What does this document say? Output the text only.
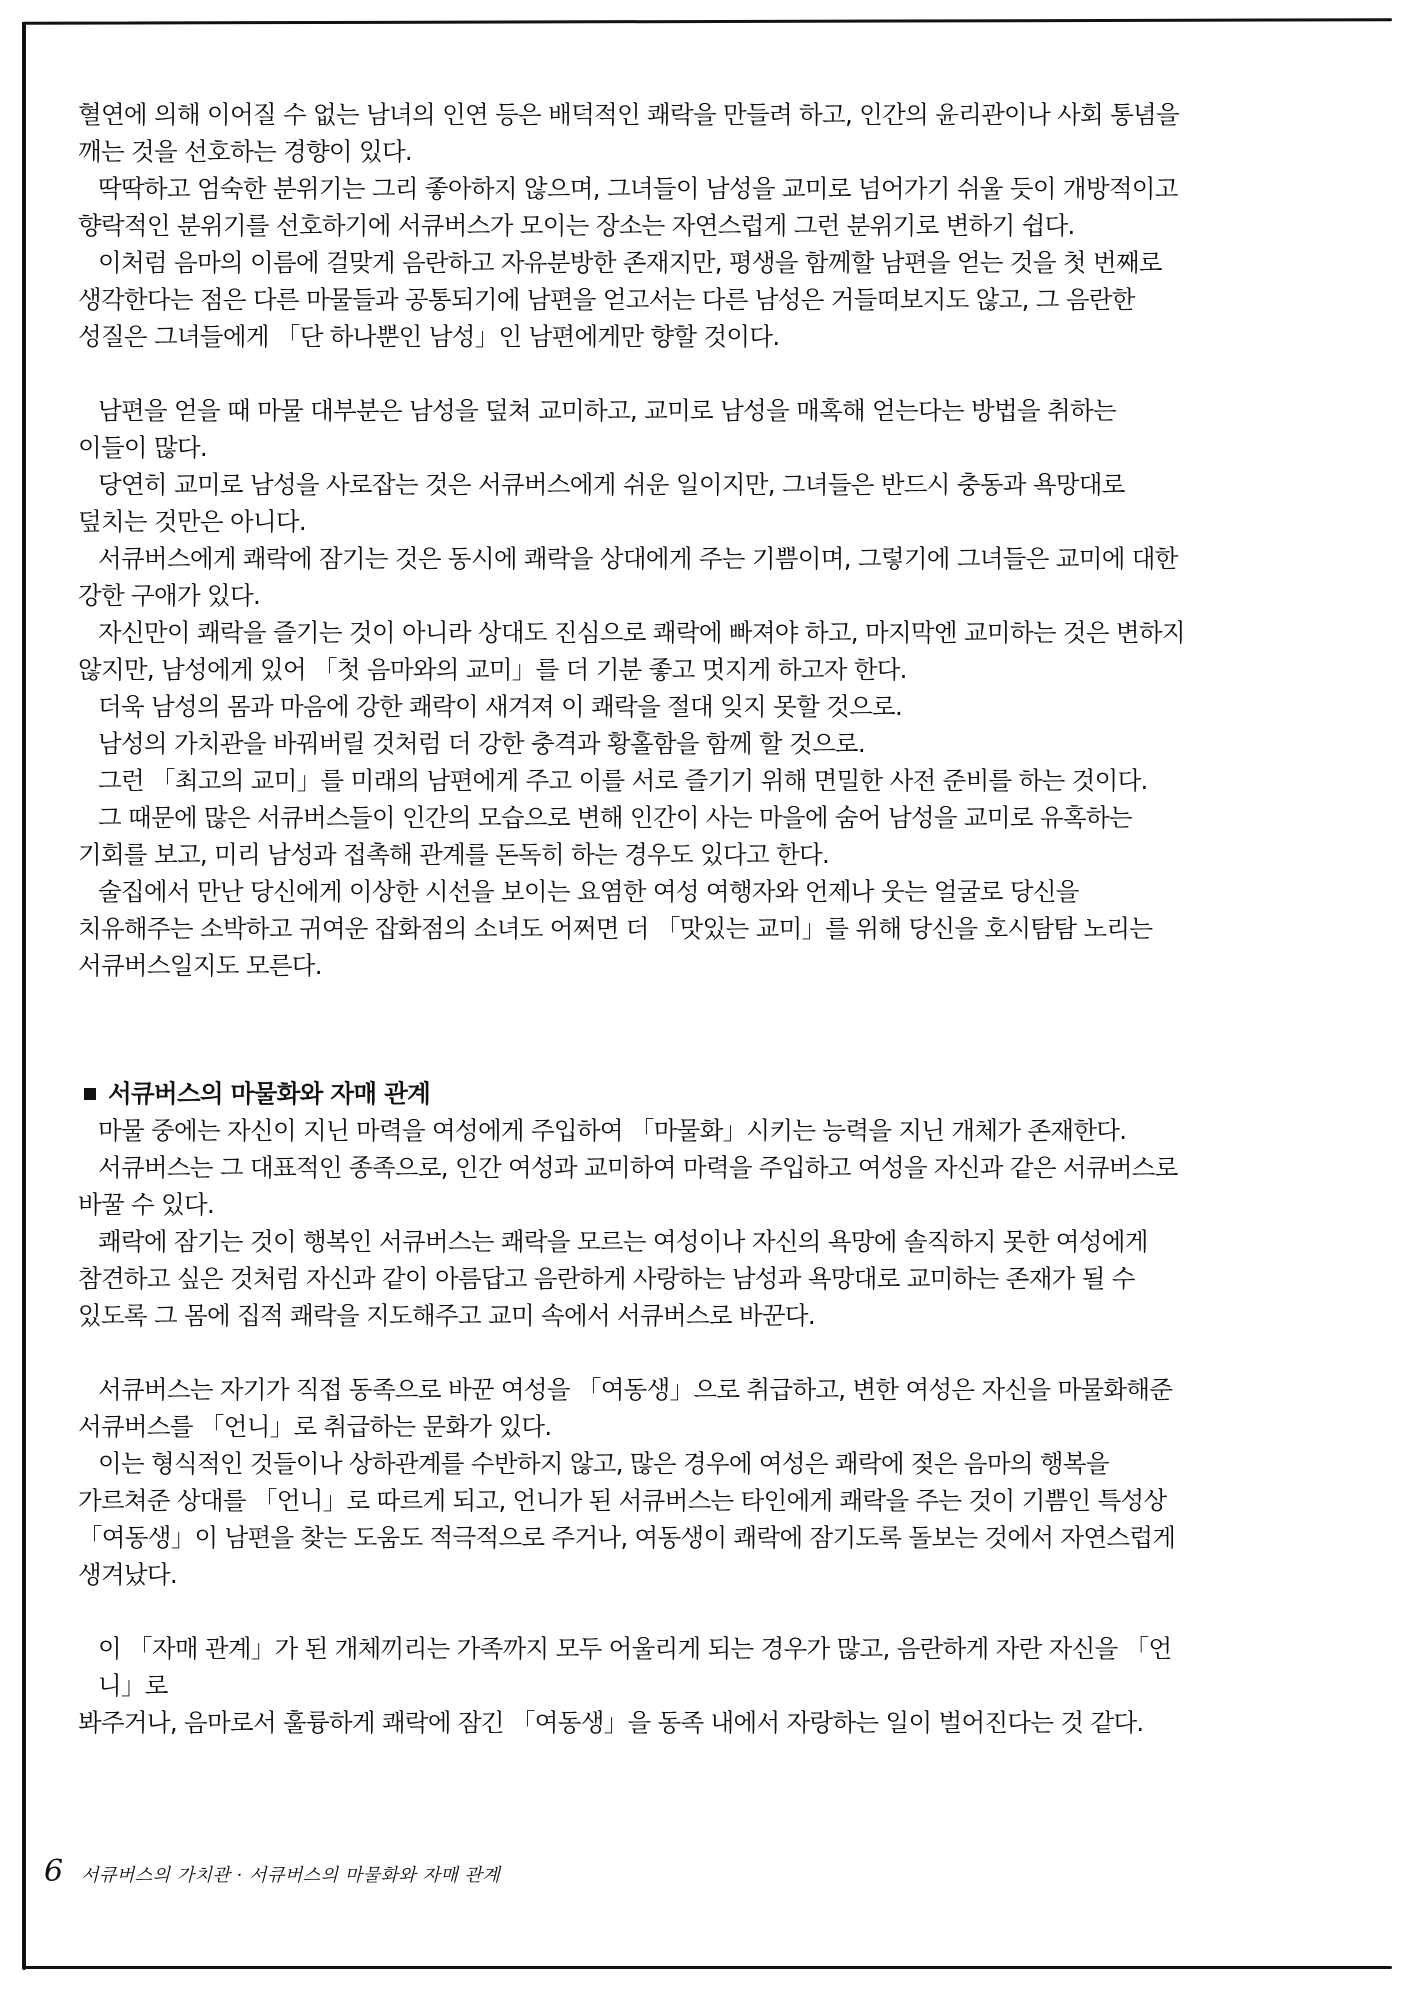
혈연에 의해 이어질 수 없는 남녀의 인연 등은 배덕적인 쾌락을 만들려 하고, 인간의 윤리관이나 사회 통념을

깨는 것을 선호하는 경향이 있다.

딱딱하고 엄숙한 분위기는 그리 좋아하지 않으며, 그녀들이 남성을 교미로 넘어가기 쉬울 듯이 개방적이고

향락적인 분위기를 선호하기에 서큐버스가 모이는 장소는 자연스럽게 그런 분위기로 변하기 쉽다.

이처럼 음마의 이름에 걸맞게 음란하고 자유분방한 존재지만, 평생을 함께할 남편을 얻는 것을 첫 번째로

생각한다는 점은 다른 마물들과 공통되기에 남편을 얻고서는 다른 남성은 거들떠보지도 않고, 그 음란한

성질은 그녀들에게 「단 하나뿐인 남성」인 남편에게만 향할 것이다.

남편을 얻을 때 마물 대부분은 남성을 덮쳐 교미하고, 교미로 남성을 매혹해 얻는다는 방법을 취하는

이들이 많다.

당연히 교미로 남성을 사로잡는 것은 서큐버스에게 쉬운 일이지만, 그녀들은 반드시 충동과 욕망대로

덮치는 것만은 아니다.

서큐버스에게 쾌락에 잠기는 것은 동시에 쾌락을 상대에게 주는 기쁨이며, 그렇기에 그녀들은 교미에 대한

강한 구애가 있다.

자신만이 쾌락을 즐기는 것이 아니라 상대도 진심으로 쾌락에 빠져야 하고, 마지막엔 교미하는 것은 변하지

않지만, 남성에게 있어 「첫 음마와의 교미」를 더 기분 좋고 멋지게 하고자 한다.

더욱 남성의 몸과 마음에 강한 쾌락이 새겨져 이 쾌락을 절대 잊지 못할 것으로.

남성의 가치관을 바꿔버릴 것처럼 더 강한 충격과 황홀함을 함께 할 것으로.

그런 「최고의 교미」를 미래의 남편에게 주고 이를 서로 즐기기 위해 면밀한 사전 준비를 하는 것이다.

그 때문에 많은 서큐버스들이 인간의 모습으로 변해 인간이 사는 마을에 숨어 남성을 교미로 유혹하는

기회를 보고, 미리 남성과 접촉해 관계를 돈독히 하는 경우도 있다고 한다.

술집에서 만난 당신에게 이상한 시선을 보이는 요염한 여성 여행자와 언제나 웃는 얼굴로 당신을

치유해주는 소박하고 귀여운 잡화점의 소녀도 어쩌면 더 「맛있는 교미」를 위해 당신을 호시탐탐 노리는

서큐버스일지도 모른다.

서큐버스의 마물화와 자매 관계

마물 중에는 자신이 지닌 마력을 여성에게 주입하여 「마물화」시키는 능력을 지닌 개체가 존재한다.

서큐버스는 그 대표적인 종족으로, 인간 여성과 교미하여 마력을 주입하고 여성을 자신과 같은 서큐버스로

바꿀 수 있다.

쾌락에 잠기는 것이 행복인 서큐버스는 쾌락을 모르는 여성이나 자신의 욕망에 솔직하지 못한 여성에게

참견하고 싶은 것처럼 자신과 같이 아름답고 음란하게 사랑하는 남성과 욕망대로 교미하는 존재가 될 수

있도록 그 몸에 집적 쾌락을 지도해주고 교미 속에서 서큐버스로 바꾼다.

서큐버스는 자기가 직접 동족으로 바꾼 여성을 「여동생」으로 취급하고, 변한 여성은 자신을 마물화해준

서큐버스를 「언니」로 취급하는 문화가 있다.

이는 형식적인 것들이나 상하관계를 수반하지 않고, 많은 경우에 여성은 쾌락에 젖은 음마의 행복을

가르쳐준 상대를 「언니」로 따르게 되고, 언니가 된 서큐버스는 타인에게 쾌락을 주는 것이 기쁨인 특성상

「여동생」이 남편을 찾는 도움도 적극적으로 주거나, 여동생이 쾌락에 잠기도록 돌보는 것에서 자연스럽게

생겨났다.

이 「자매 관계」가 된 개체끼리는 가족까지 모두 어울리게 되는 경우가 많고, 음란하게 자란 자신을 「언니」로

봐주거나, 음마로서 훌륭하게 쾌락에 잠긴 「여동생」을 동족 내에서 자랑하는 일이 벌어진다는 것 같다.

6 서큐버스의 가치관 · 서큐버스의 마물화와 자매 관계
